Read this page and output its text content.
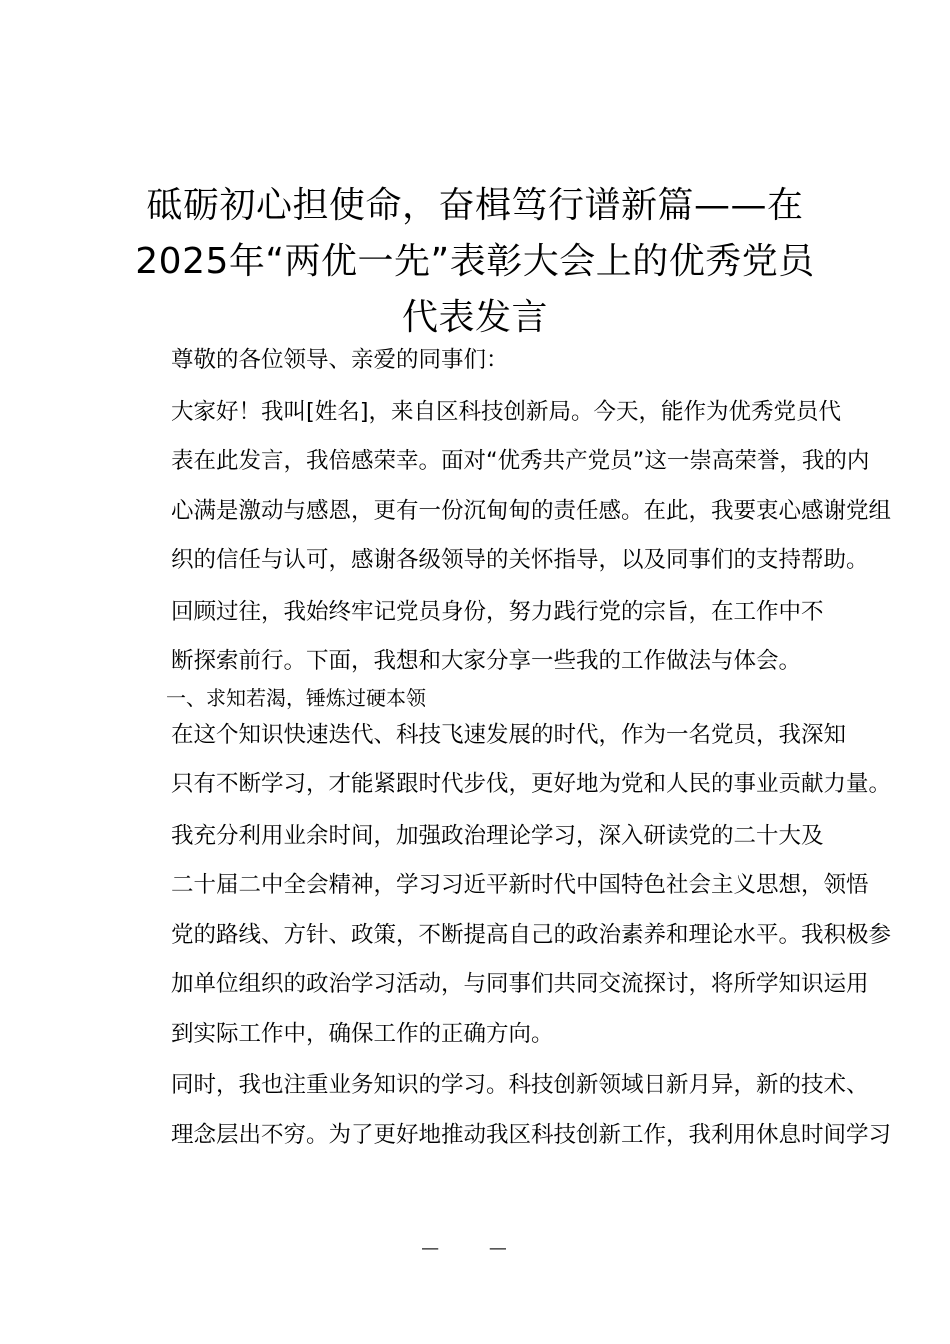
砥砺初心担使命，奋楫笃行谱新篇——在
2025年“两优一先”表彰大会上的优秀党员
代表发言

尊敬的各位领导、亲爱的同事们：

大家好！我叫[姓名]，来自区科技创新局。今天，能作为优秀党员代
表在此发言，我倍感荣幸。面对“优秀共产党员”这一崇高荣誉，我的内
心满是激动与感恩，更有一份沉甸甸的责任感。在此，我要衷心感谢党组
织的信任与认可，感谢各级领导的关怀指导，以及同事们的支持帮助。

回顾过往，我始终牢记党员身份，努力践行党的宗旨，在工作中不
断探索前行。下面，我想和大家分享一些我的工作做法与体会。

一、求知若渴，锤炼过硬本领

在这个知识快速迭代、科技飞速发展的时代，作为一名党员，我深知
只有不断学习，才能紧跟时代步伐，更好地为党和人民的事业贡献力量。

我充分利用业余时间，加强政治理论学习，深入研读党的二十大及
二十届二中全会精神，学习习近平新时代中国特色社会主义思想，领悟
党的路线、方针、政策，不断提高自己的政治素养和理论水平。我积极参
加单位组织的政治学习活动，与同事们共同交流探讨，将所学知识运用
到实际工作中，确保工作的正确方向。

同时，我也注重业务知识的学习。科技创新领域日新月异，新的技术、
理念层出不穷。为了更好地推动我区科技创新工作，我利用休息时间学习

— —
